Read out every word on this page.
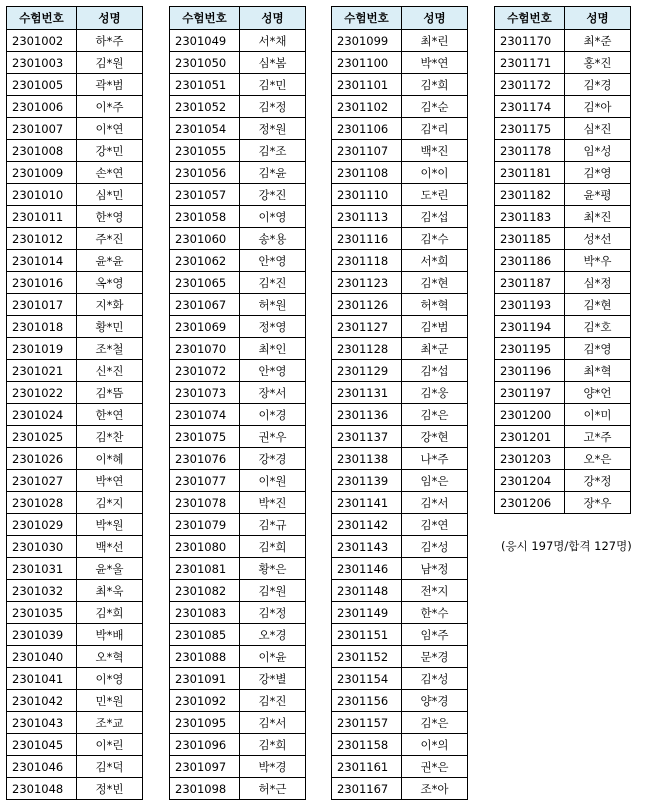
수험번호	성명
2301002	하*주
2301003	김*원
2301005	곽*범
2301006	이*주
2301007	이*연
2301008	강*민
2301009	손*연
2301010	심*민
2301011	한*영
2301012	주*진
2301014	윤*윤
2301016	옥*영
2301017	지*화
2301018	황*민
2301019	조*철
2301021	신*진
2301022	김*뜸
2301024	한*연
2301025	김*찬
2301026	이*혜
2301027	박*연
2301028	김*지
2301029	박*원
2301030	백*선
2301031	윤*울
2301032	최*욱
2301035	김*희
2301039	박*배
2301040	오*혁
2301041	이*영
2301042	민*원
2301043	조*교
2301045	이*린
2301046	김*덕
2301048	정*빈
수험번호	성명
2301049	서*채
2301050	심*봄
2301051	김*민
2301052	김*정
2301054	정*원
2301055	김*조
2301056	김*윤
2301057	강*진
2301058	이*영
2301060	송*용
2301062	안*영
2301065	김*진
2301067	허*원
2301069	정*영
2301070	최*인
2301072	안*영
2301073	장*서
2301074	이*경
2301075	권*우
2301076	강*경
2301077	이*원
2301078	박*진
2301079	김*규
2301080	김*희
2301081	황*은
2301082	김*원
2301083	김*정
2301085	오*경
2301088	이*윤
2301091	강*별
2301092	김*진
2301095	김*서
2301096	김*희
2301097	박*경
2301098	허*근
수험번호	성명
2301099	최*린
2301100	박*연
2301101	김*희
2301102	김*순
2301106	김*리
2301107	백*진
2301108	이*이
2301110	도*린
2301113	김*섭
2301116	김*수
2301118	서*희
2301123	김*현
2301126	허*혁
2301127	김*범
2301128	최*군
2301129	김*섭
2301131	김*웅
2301136	김*은
2301137	강*현
2301138	나*주
2301139	임*은
2301141	김*서
2301142	김*연
2301143	김*성
2301146	남*정
2301148	전*지
2301149	한*수
2301151	임*주
2301152	문*경
2301154	김*성
2301156	양*경
2301157	김*은
2301158	이*의
2301161	권*은
2301167	조*아
수험번호	성명
2301170	최*준
2301171	홍*진
2301172	김*경
2301174	김*아
2301175	심*진
2301178	임*성
2301181	김*영
2301182	윤*평
2301183	최*진
2301185	성*선
2301186	박*우
2301187	심*정
2301193	김*현
2301194	김*호
2301195	김*영
2301196	최*혁
2301197	양*언
2301200	이*미
2301201	고*주
2301203	오*은
2301204	강*정
2301206	장*우
(응시 197명/합격 127명)
